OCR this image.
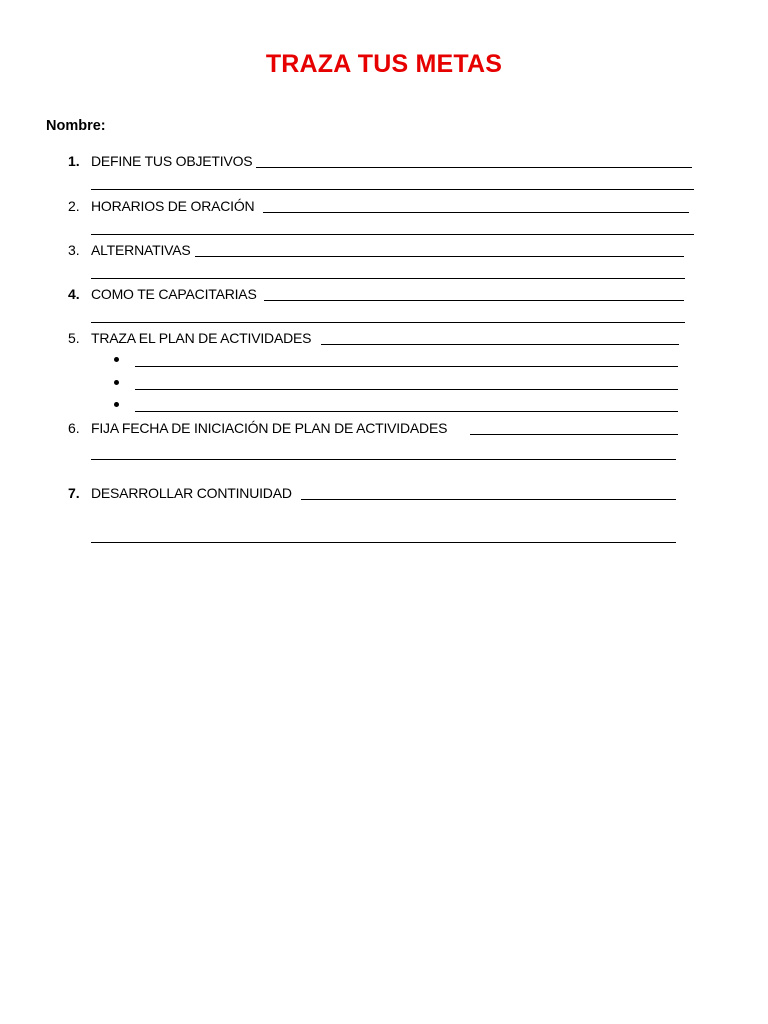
TRAZA TUS METAS
Nombre:
1. DEFINE TUS OBJETIVOS
2. HORARIOS DE ORACIÓN
3. ALTERNATIVAS
4. COMO TE CAPACITARIAS
5. TRAZA EL PLAN DE ACTIVIDADES
6. FIJA FECHA DE INICIACIÓN DE PLAN DE ACTIVIDADES
7. DESARROLLAR CONTINUIDAD
